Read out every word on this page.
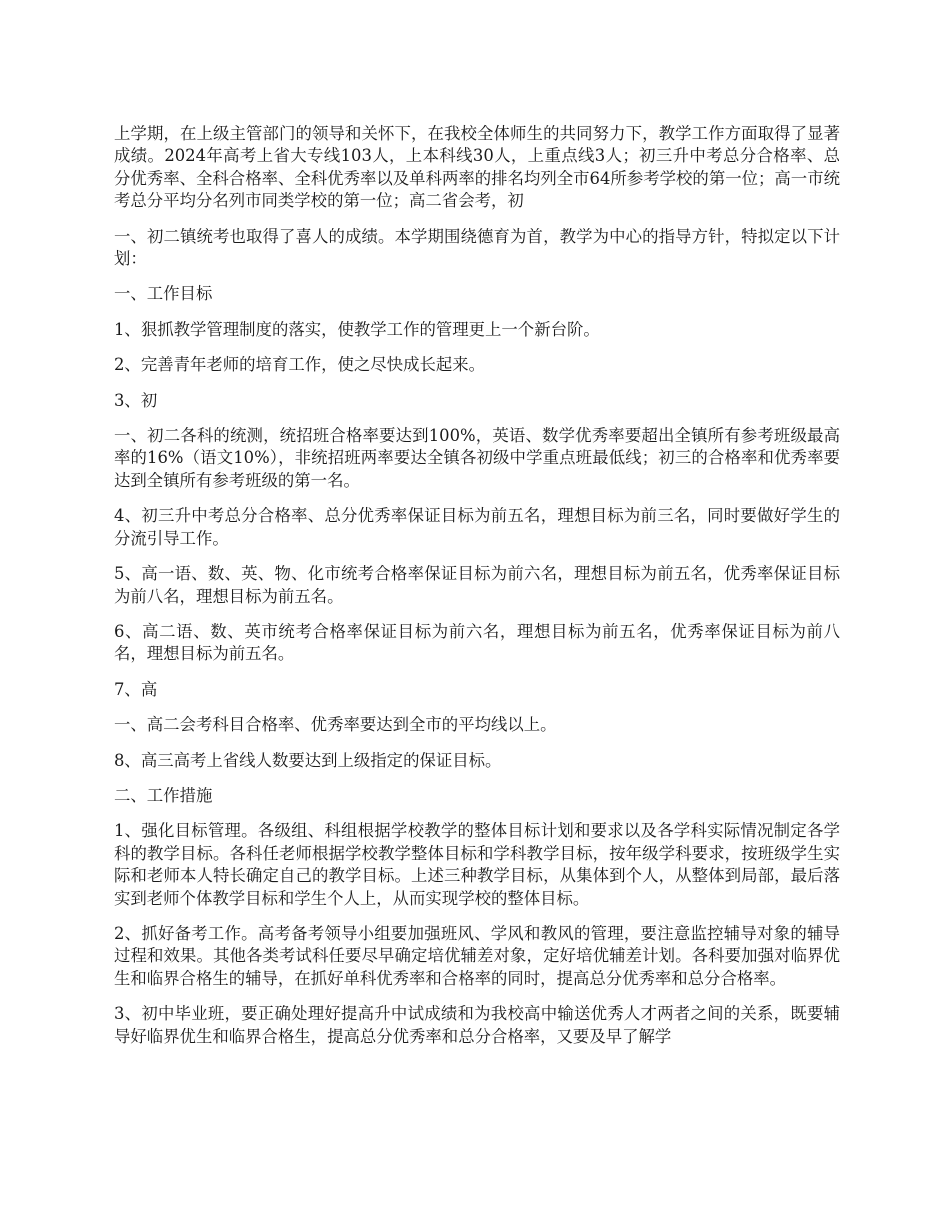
上学期，在上级主管部门的领导和关怀下，在我校全体师生的共同努力下，教学工作方面取得了显著成绩。2024年高考上省大专线103人，上本科线30人，上重点线3人；初三升中考总分合格率、总分优秀率、全科合格率、全科优秀率以及单科两率的排名均列全市64所参考学校的第一位；高一市统考总分平均分名列市同类学校的第一位；高二省会考，初

一、初二镇统考也取得了喜人的成绩。本学期围绕德育为首，教学为中心的指导方针，特拟定以下计划：

一、工作目标

1、狠抓教学管理制度的落实，使教学工作的管理更上一个新台阶。

2、完善青年老师的培育工作，使之尽快成长起来。

3、初

一、初二各科的统测，统招班合格率要达到100%，英语、数学优秀率要超出全镇所有参考班级最高率的16%（语文10%），非统招班两率要达全镇各初级中学重点班最低线；初三的合格率和优秀率要达到全镇所有参考班级的第一名。

4、初三升中考总分合格率、总分优秀率保证目标为前五名，理想目标为前三名，同时要做好学生的分流引导工作。

5、高一语、数、英、物、化市统考合格率保证目标为前六名，理想目标为前五名，优秀率保证目标为前八名，理想目标为前五名。

6、高二语、数、英市统考合格率保证目标为前六名，理想目标为前五名，优秀率保证目标为前八名，理想目标为前五名。

7、高

一、高二会考科目合格率、优秀率要达到全市的平均线以上。

8、高三高考上省线人数要达到上级指定的保证目标。

二、工作措施

1、强化目标管理。各级组、科组根据学校教学的整体目标计划和要求以及各学科实际情况制定各学科的教学目标。各科任老师根据学校教学整体目标和学科教学目标，按年级学科要求，按班级学生实际和老师本人特长确定自己的教学目标。上述三种教学目标，从集体到个人，从整体到局部，最后落实到老师个体教学目标和学生个人上，从而实现学校的整体目标。

2、抓好备考工作。高考备考领导小组要加强班风、学风和教风的管理，要注意监控辅导对象的辅导过程和效果。其他各类考试科任要尽早确定培优辅差对象，定好培优辅差计划。各科要加强对临界优生和临界合格生的辅导，在抓好单科优秀率和合格率的同时，提高总分优秀率和总分合格率。

3、初中毕业班，要正确处理好提高升中试成绩和为我校高中输送优秀人才两者之间的关系，既要辅导好临界优生和临界合格生，提高总分优秀率和总分合格率，又要及早了解学
